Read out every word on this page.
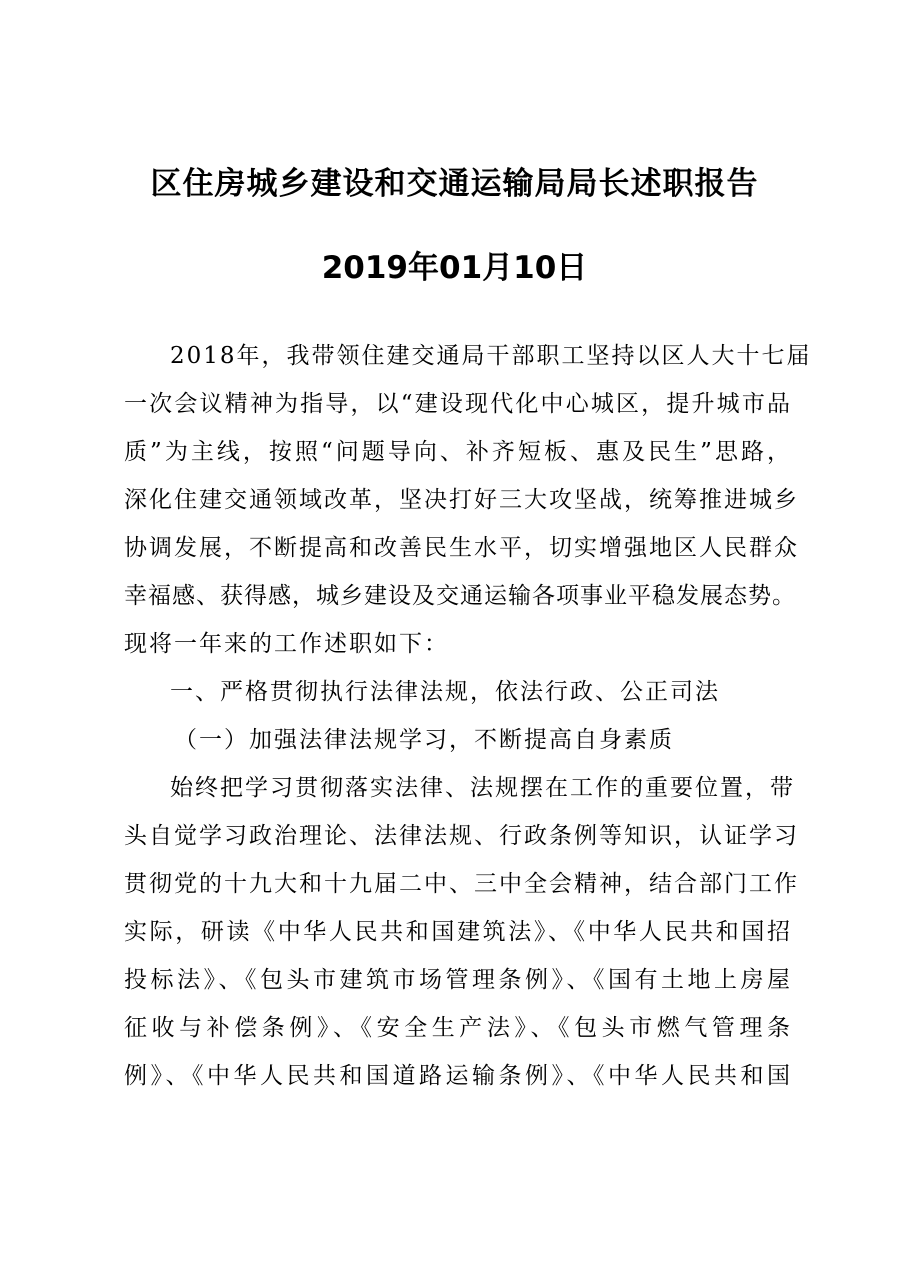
区住房城乡建设和交通运输局局长述职报告
2019年01月10日
2018年，我带领住建交通局干部职工坚持以区人大十七届
一次会议精神为指导，以“建设现代化中心城区，提升城市品
质”为主线，按照“问题导向、补齐短板、惠及民生”思路，
深化住建交通领域改革，坚决打好三大攻坚战，统筹推进城乡
协调发展，不断提高和改善民生水平，切实增强地区人民群众
幸福感、获得感，城乡建设及交通运输各项事业平稳发展态势。
现将一年来的工作述职如下：
一、严格贯彻执行法律法规，依法行政、公正司法
（一）加强法律法规学习，不断提高自身素质
始终把学习贯彻落实法律、法规摆在工作的重要位置，带
头自觉学习政治理论、法律法规、行政条例等知识，认证学习
贯彻党的十九大和十九届二中、三中全会精神，结合部门工作
实际，研读《中华人民共和国建筑法》、《中华人民共和国招
投标法》、《包头市建筑市场管理条例》、《国有土地上房屋
征收与补偿条例》、《安全生产法》、《包头市燃气管理条
例》、《中华人民共和国道路运输条例》、《中华人民共和国
